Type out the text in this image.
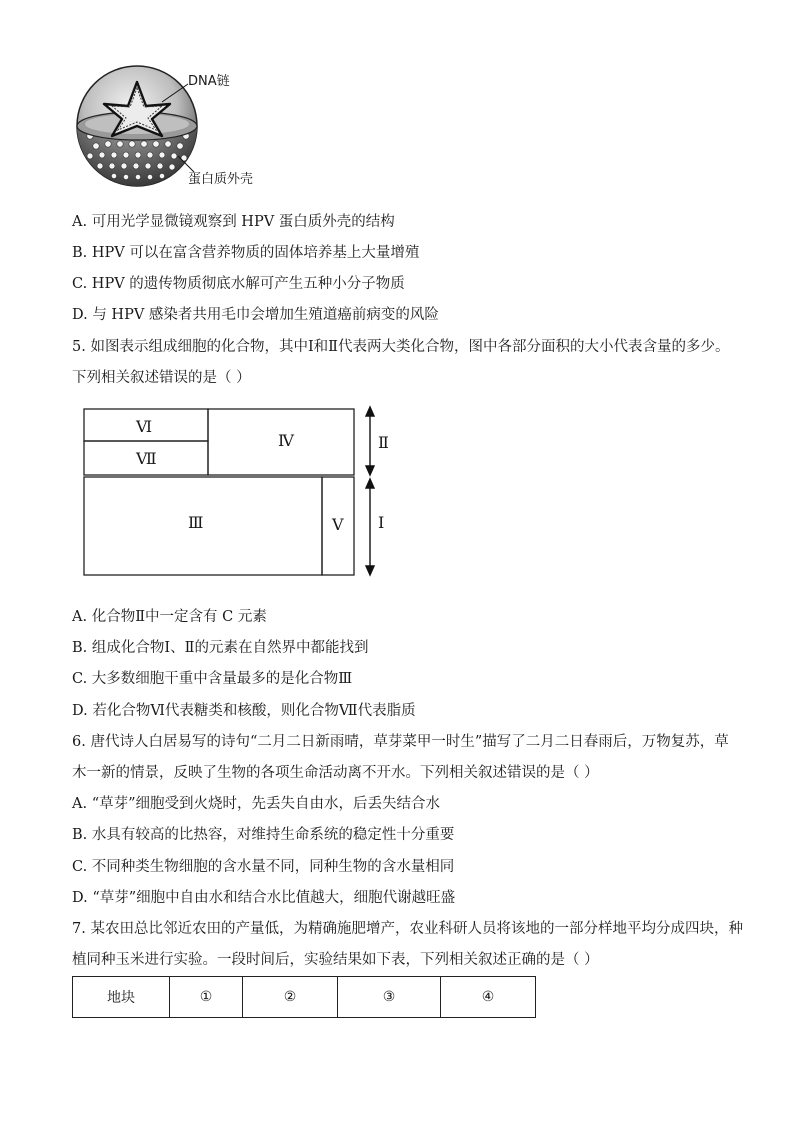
DNA链
蛋白质外壳
A. 可用光学显微镜观察到 HPV 蛋白质外壳的结构
B. HPV 可以在富含营养物质的固体培养基上大量增殖
C. HPV 的遗传物质彻底水解可产生五种小分子物质
D. 与 HPV 感染者共用毛巾会增加生殖道癌前病变的风险
5. 如图表示组成细胞的化合物，其中Ⅰ和Ⅱ代表两大类化合物，图中各部分面积的大小代表含量的多少。
下列相关叙述错误的是（ ）
Ⅵ
Ⅶ
Ⅳ
Ⅲ	Ⅴ
Ⅱ
Ⅰ
A. 化合物Ⅱ中一定含有 C 元素
B. 组成化合物Ⅰ、Ⅱ的元素在自然界中都能找到
C. 大多数细胞干重中含量最多的是化合物Ⅲ
D. 若化合物Ⅵ代表糖类和核酸，则化合物Ⅶ代表脂质
6. 唐代诗人白居易写的诗句“二月二日新雨晴，草芽菜甲一时生”描写了二月二日春雨后，万物复苏，草
木一新的情景，反映了生物的各项生命活动离不开水。下列相关叙述错误的是（ ）
A. “草芽”细胞受到火烧时，先丢失自由水，后丢失结合水
B. 水具有较高的比热容，对维持生命系统的稳定性十分重要
C. 不同种类生物细胞的含水量不同，同种生物的含水量相同
D. “草芽”细胞中自由水和结合水比值越大，细胞代谢越旺盛
7. 某农田总比邻近农田的产量低，为精确施肥增产，农业科研人员将该地的一部分样地平均分成四块，种
植同种玉米进行实验。一段时间后，实验结果如下表，下列相关叙述正确的是（ ）
地块	①	②	③	④
